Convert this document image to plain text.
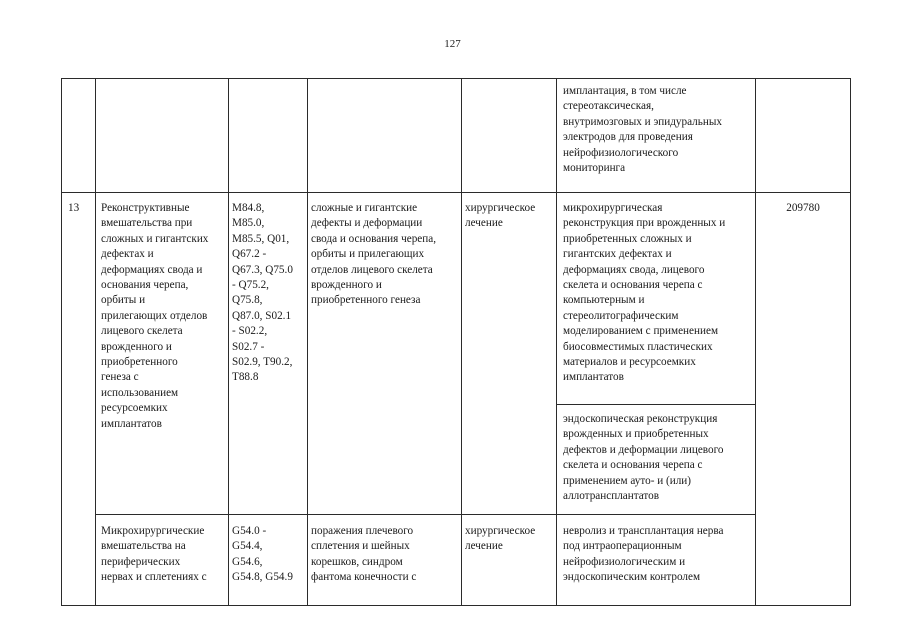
127
имплантация, в том числе
стереотаксическая,
внутримозговых и эпидуральных
электродов для проведения
нейрофизиологического
мониторинга
13	Реконструктивные
вмешательства при
сложных и гигантских
дефектах и
деформациях свода и
основания черепа,
орбиты и
прилегающих отделов
лицевого скелета
врожденного и
приобретенного
генеза с
использованием
ресурсоемких
имплантатов
M84.8,
M85.0,
M85.5, Q01,
Q67.2 -
Q67.3, Q75.0
- Q75.2,
Q75.8,
Q87.0, S02.1
- S02.2,
S02.7 -
S02.9, T90.2,
T88.8
сложные и гигантские
дефекты и деформации
свода и основания черепа,
орбиты и прилегающих
отделов лицевого скелета
врожденного и
приобретенного генеза
хирургическое
лечение
микрохирургическая
реконструкция при врожденных и
приобретенных сложных и
гигантских дефектах и
деформациях свода, лицевого
скелета и основания черепа с
компьютерным и
стереолитографическим
моделированием с применением
биосовместимых пластических
материалов и ресурсоемких
имплантатов
эндоскопическая реконструкция
врожденных и приобретенных
дефектов и деформации лицевого
скелета и основания черепа с
применением ауто- и (или)
аллотрансплантатов
209780
Микрохирургические
вмешательства на
периферических
нервах и сплетениях с
G54.0 -
G54.4,
G54.6,
G54.8, G54.9
поражения плечевого
сплетения и шейных
корешков, синдром
фантома конечности с
хирургическое
лечение
невролиз и трансплантация нерва
под интраоперационным
нейрофизиологическим и
эндоскопическим контролем
